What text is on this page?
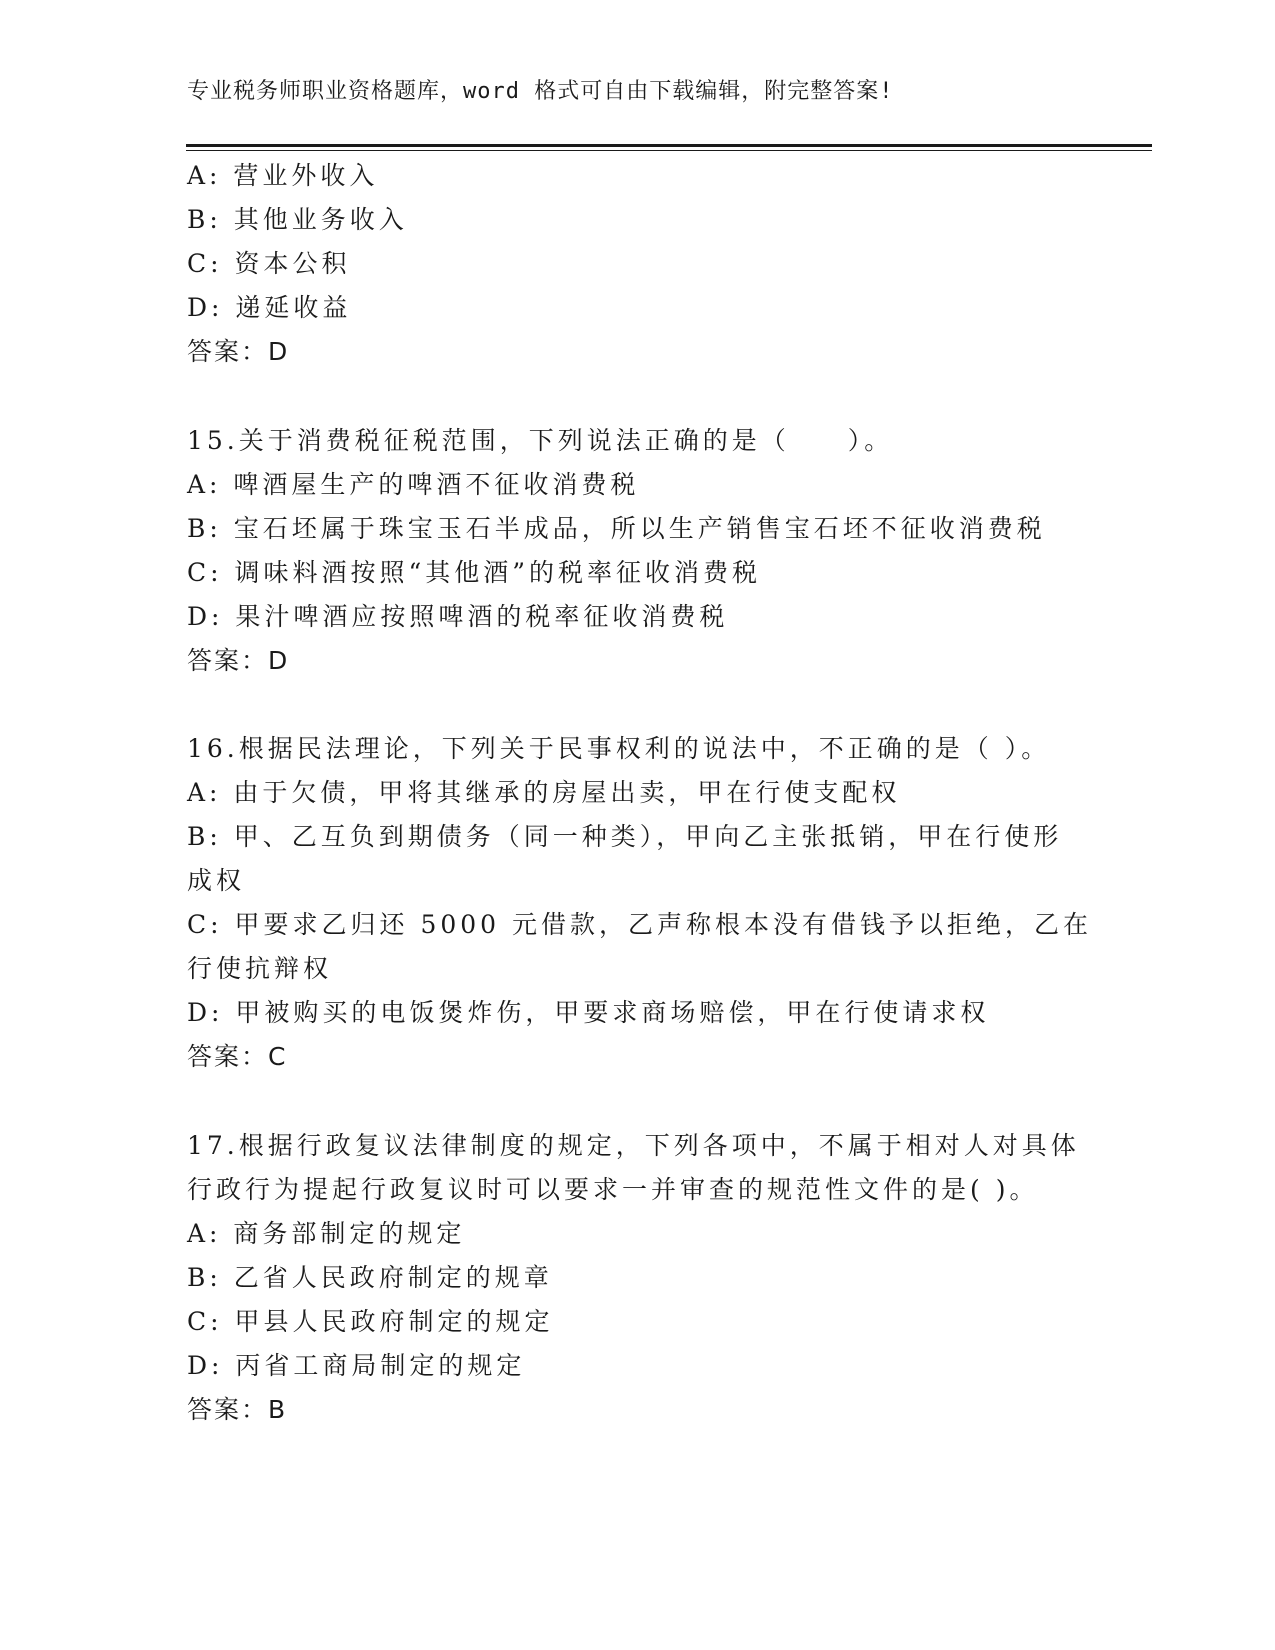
专业税务师职业资格题库，word 格式可自由下载编辑，附完整答案!
A: 营业外收入
B: 其他业务收入
C: 资本公积
D: 递延收益
答案：D
15.关于消费税征税范围，下列说法正确的是（　　）。
A: 啤酒屋生产的啤酒不征收消费税
B: 宝石坯属于珠宝玉石半成品，所以生产销售宝石坯不征收消费税
C: 调味料酒按照“其他酒”的税率征收消费税
D: 果汁啤酒应按照啤酒的税率征收消费税
答案：D
16.根据民法理论，下列关于民事权利的说法中，不正确的是（ ）。
A: 由于欠债，甲将其继承的房屋出卖，甲在行使支配权
B: 甲、乙互负到期债务（同一种类），甲向乙主张抵销，甲在行使形
成权
C: 甲要求乙归还 5000 元借款，乙声称根本没有借钱予以拒绝，乙在
行使抗辩权
D: 甲被购买的电饭煲炸伤，甲要求商场赔偿，甲在行使请求权
答案：C
17.根据行政复议法律制度的规定，下列各项中，不属于相对人对具体
行政行为提起行政复议时可以要求一并审查的规范性文件的是( )。
A: 商务部制定的规定
B: 乙省人民政府制定的规章
C: 甲县人民政府制定的规定
D: 丙省工商局制定的规定
答案：B
